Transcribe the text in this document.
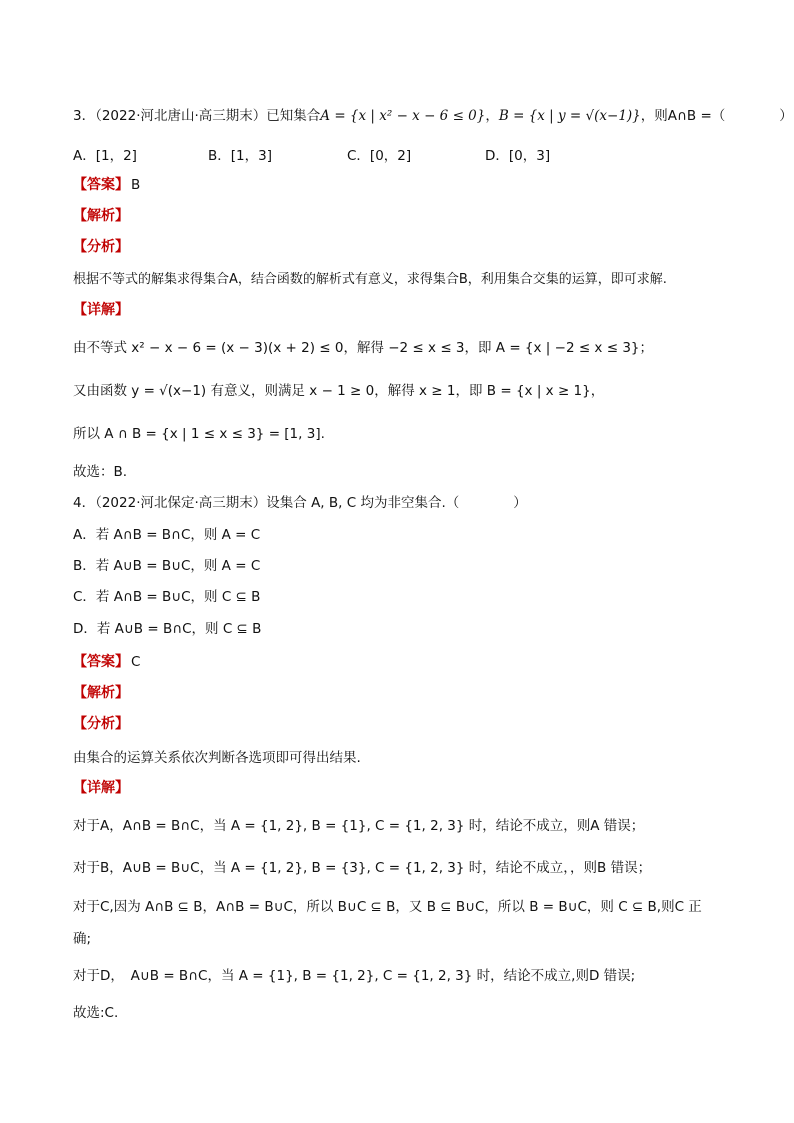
3．（2022·河北唐山·高三期末）已知集合A = {x | x² − x − 6 ≤ 0}，B = {x | y = √(x−1)}，则A∩B =（　　　　）
A．[1，2]	B．[1，3]	C．[0，2]	D．[0，3]
【答案】 B
【解析】
【分析】
根据不等式的解集求得集合A，结合函数的解析式有意义，求得集合B，利用集合交集的运算，即可求解.
【详解】
由不等式 x² − x − 6 = (x − 3)(x + 2) ≤ 0，解得 −2 ≤ x ≤ 3，即 A = {x | −2 ≤ x ≤ 3}；
又由函数 y = √(x−1) 有意义，则满足 x − 1 ≥ 0，解得 x ≥ 1，即 B = {x | x ≥ 1}，
所以 A ∩ B = {x | 1 ≤ x ≤ 3} = [1, 3].
故选：B.
4．（2022·河北保定·高三期末）设集合 A, B, C 均为非空集合.（　　　　）
A．若 A∩B = B∩C，则 A = C
B．若 A∪B = B∪C，则 A = C
C．若 A∩B = B∪C，则 C ⊆ B
D．若 A∪B = B∩C，则 C ⊆ B
【答案】 C
【解析】
【分析】
由集合的运算关系依次判断各选项即可得出结果.
【详解】
对于A，A∩B = B∩C，当 A = {1, 2}, B = {1}, C = {1, 2, 3} 时，结论不成立，则A 错误；
对于B，A∪B = B∪C，当 A = {1, 2}, B = {3}, C = {1, 2, 3} 时，结论不成立，，则B 错误；
对于C,因为 A∩B ⊆ B，A∩B = B∪C，所以 B∪C ⊆ B，又 B ⊆ B∪C，所以 B = B∪C，则 C ⊆ B,则C 正
确;
对于D，　A∪B = B∩C，当 A = {1}, B = {1, 2}, C = {1, 2, 3} 时，结论不成立,则D 错误;
故选:C.
